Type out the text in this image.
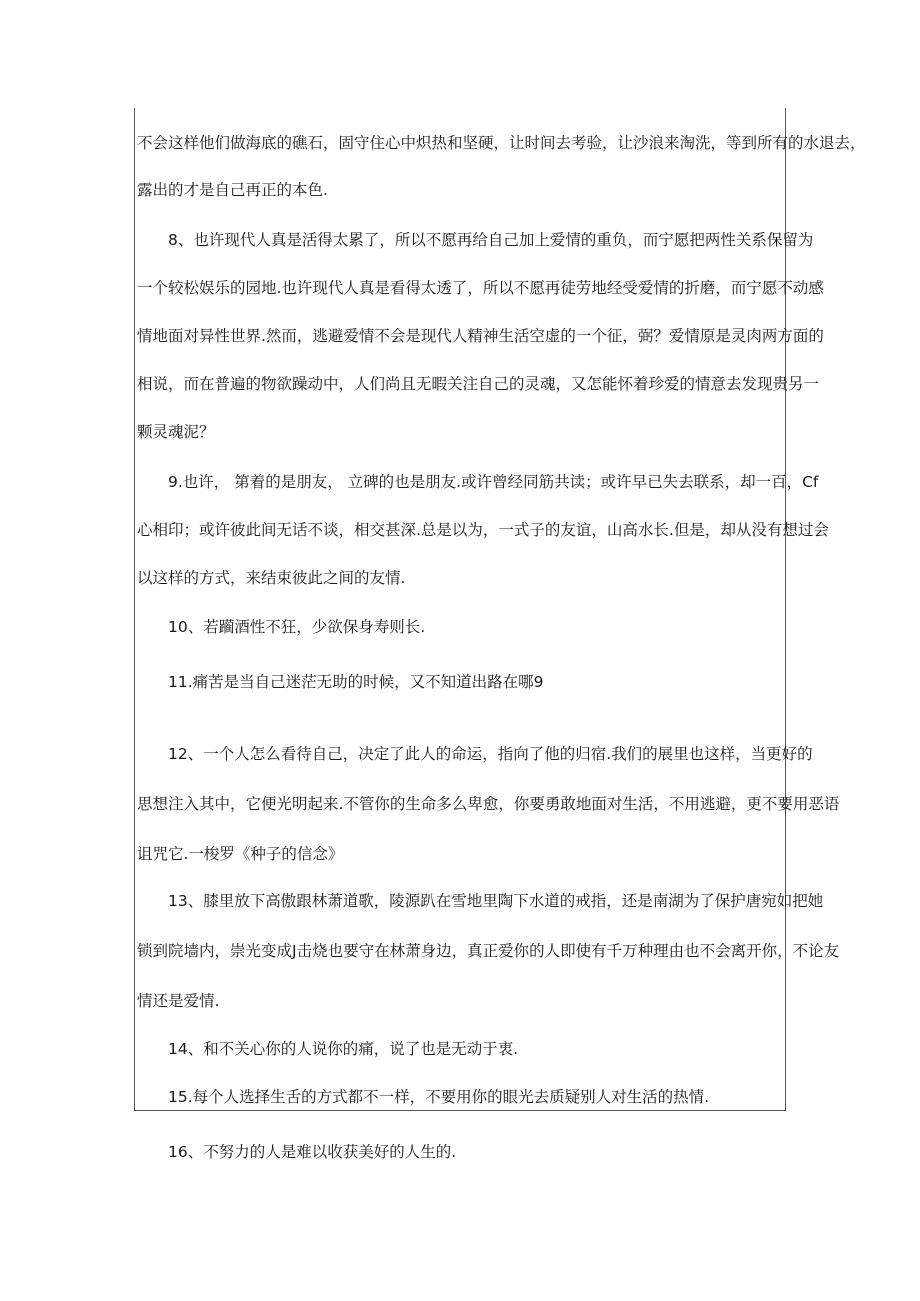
不会这样他们做海底的礁石，固守住心中炽热和坚硬，让时间去考验，让沙浪来淘洗，等到所有的水退去，
露出的才是自己再正的本色.
8、也许现代人真是活得太累了，所以不愿再给自己加上爱情的重负，而宁愿把两性关系保留为
一个较松娱乐的园地.也许现代人真是看得太透了，所以不愿再徒劳地经受爱情的折磨，而宁愿不动感
情地面对异性世界.然而，逃避爱情不会是现代人精神生活空虚的一个征，弼？爱情原是灵肉两方面的
相说，而在普遍的物欲躁动中，人们尚且无暇关注自己的灵魂，又怎能怀着珍爱的情意去发现贵另一
颗灵魂泥？
9.也许， 第着的是朋友， 立碑的也是朋友.或许曾经同筋共读；或许早已失去联系，却一百，Cf
心相印；或许彼此间无话不谈，相交甚深.总是以为，一式子的友谊，山高水长.但是，却从没有想过会
以这样的方式，来结束彼此之间的友情.
10、若躏酒性不狂，少欲保身寿则长.
11.痛苦是当自己迷茫无助的时候，又不知道出路在哪9
12、一个人怎么看待自己，决定了此人的命运，指向了他的归宿.我们的展里也这样，当更好的
思想注入其中，它便光明起来.不管你的生命多么卑愈，你要勇敢地面对生活，不用逃避，更不要用恶语
诅咒它.一梭罗《种子的信念》
13、膝里放下高傲跟林萧道歌，陵源趴在雪地里陶下水道的戒指，还是南湖为了保护唐宛如把她
锁到院墙内，崇光变成J击烧也要守在林萧身边，真正爱你的人即使有千万种理由也不会离开你，不论友
情还是爱情.
14、和不关心你的人说你的痛，说了也是无动于衷.
15.每个人选择生舌的方式都不一样，不要用你的眼光去质疑别人对生活的热情.
16、不努力的人是难以收获美好的人生的.
